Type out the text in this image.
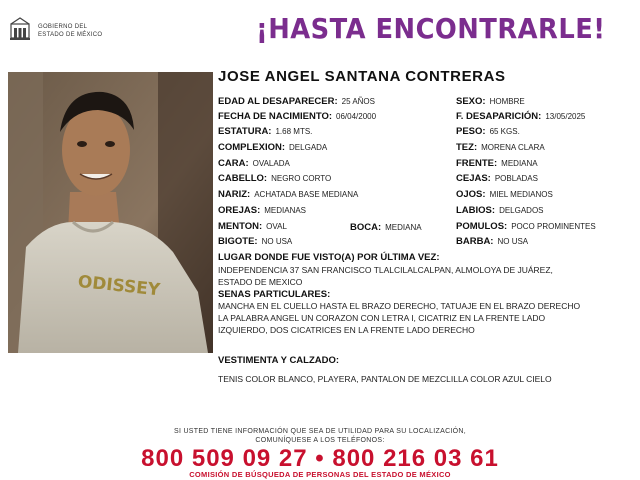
GOBIERNO DEL
ESTADO DE MÉXICO	¡HASTA ENCONTRARLE!
ODISSEY
JOSE ANGEL SANTANA CONTRERAS
EDAD AL DESAPARECER: 25 AÑOS
FECHA DE NACIMIENTO: 06/04/2000
ESTATURA: 1.68 MTS.
COMPLEXION: DELGADA
CARA: OVALADA
CABELLO: NEGRO CORTO
NARIZ: ACHATADA BASE MEDIANA
OREJAS: MEDIANAS
MENTON: OVAL	BOCA: MEDIANA
BIGOTE: NO USA
SEXO: HOMBRE
F. DESAPARICIÓN: 13/05/2025
PESO: 65 KGS.
TEZ: MORENA CLARA
FRENTE: MEDIANA
CEJAS: POBLADAS
OJOS: MIEL MEDIANOS
LABIOS: DELGADOS
POMULOS: POCO PROMINENTES
BARBA: NO USA
LUGAR DONDE FUE VISTO(A) POR ÚLTIMA VEZ:
INDEPENDENCIA 37 SAN FRANCISCO TLALCILALCALPAN, ALMOLOYA DE JUÁREZ,
ESTADO DE MEXICO
SENAS PARTICULARES:
MANCHA EN EL CUELLO HASTA EL BRAZO DERECHO, TATUAJE EN EL BRAZO DERECHO
LA PALABRA ANGEL UN CORAZON CON LETRA I, CICATRIZ EN LA FRENTE LADO
IZQUIERDO, DOS CICATRICES EN LA FRENTE LADO DERECHO
VESTIMENTA Y CALZADO:
TENIS COLOR BLANCO, PLAYERA, PANTALON DE MEZCLILLA COLOR AZUL CIELO
SI USTED TIENE INFORMACIÓN QUE SEA DE UTILIDAD PARA SU LOCALIZACIÓN,
COMUNÍQUESE A LOS TELÉFONOS:
800 509 09 27 • 800 216 03 61
COMISIÓN DE BÚSQUEDA DE PERSONAS DEL ESTADO DE MÉXICO
